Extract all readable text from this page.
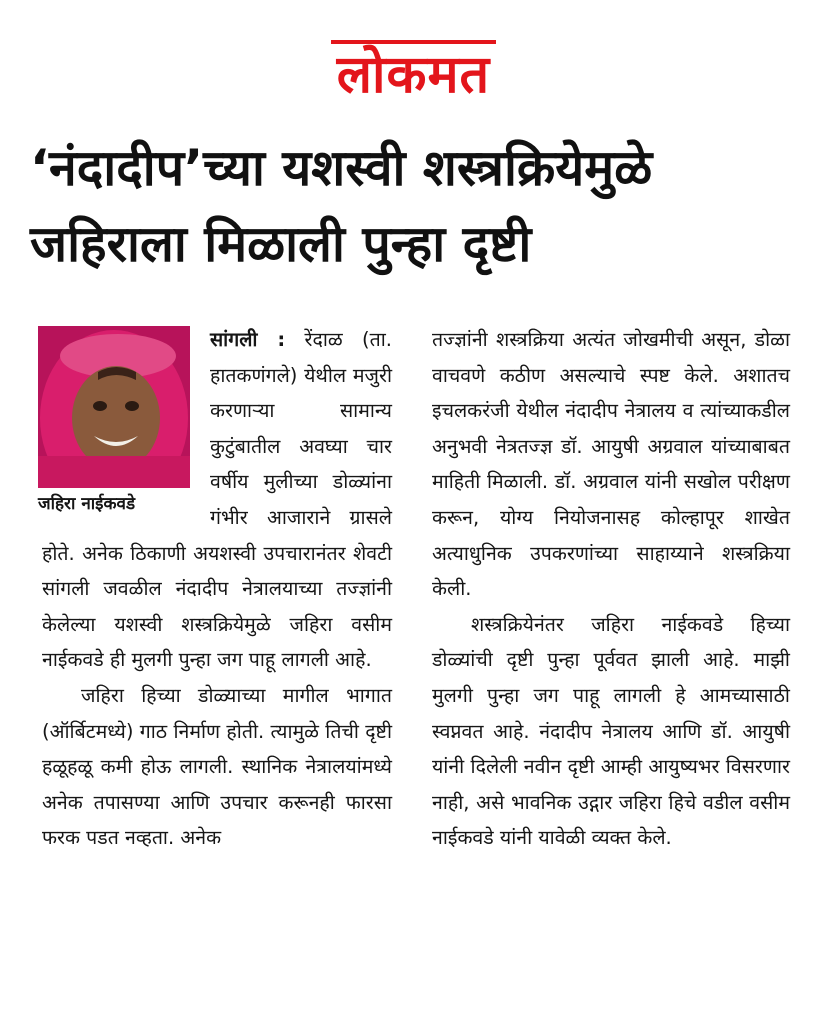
लोकमत
‘नंदादीप’च्या यशस्वी शस्त्रक्रियेमुळे जहिराला मिळाली पुन्हा दृष्टी

सांगली :
जहिरा नाईकवडे
रेंदाळ (ता. हातकणंगले) येथील मजुरी करणाऱ्या सामान्य कुटुंबातील अवघ्या चार वर्षीय मुलीच्या डोळ्यांना गंभीर आजाराने ग्रासले होते. अनेक ठिकाणी अयशस्वी उपचारानंतर शेवटी सांगली जवळील नंदादीप नेत्रालयाच्या तज्ज्ञांनी केलेल्या यशस्वी शस्त्रक्रियेमुळे जहिरा वसीम नाईकवडे ही मुलगी पुन्हा जग पाहू लागली आहे.

जहिरा हिच्या डोळ्याच्या मागील भागात (ऑर्बिटमध्ये) गाठ निर्माण होती. त्यामुळे तिची दृष्टी हळूहळू कमी होऊ लागली. स्थानिक नेत्रालयांमध्ये अनेक तपासण्या आणि उपचार करूनही फारसा फरक पडत नव्हता. अनेक

तज्ज्ञांनी शस्त्रक्रिया अत्यंत जोखमीची असून, डोळा वाचवणे कठीण असल्याचे स्पष्ट केले. अशातच इचलकरंजी येथील नंदादीप नेत्रालय व त्यांच्याकडील अनुभवी नेत्रतज्ज्ञ डॉ. आयुषी अग्रवाल यांच्याबाबत माहिती मिळाली. डॉ. अग्रवाल यांनी सखोल परीक्षण करून, योग्य नियोजनासह कोल्हापूर शाखेत अत्याधुनिक उपकरणांच्या साहाय्याने शस्त्रक्रिया केली.

शस्त्रक्रियेनंतर जहिरा नाईकवडे हिच्या डोळ्यांची दृष्टी पुन्हा पूर्ववत झाली आहे. माझी मुलगी पुन्हा जग पाहू लागली हे आमच्यासाठी स्वप्नवत आहे. नंदादीप नेत्रालय आणि डॉ. आयुषी यांनी दिलेली नवीन दृष्टी आम्ही आयुष्यभर विसरणार नाही, असे भावनिक उद्गार जहिरा हिचे वडील वसीम नाईकवडे यांनी यावेळी व्यक्त केले.
